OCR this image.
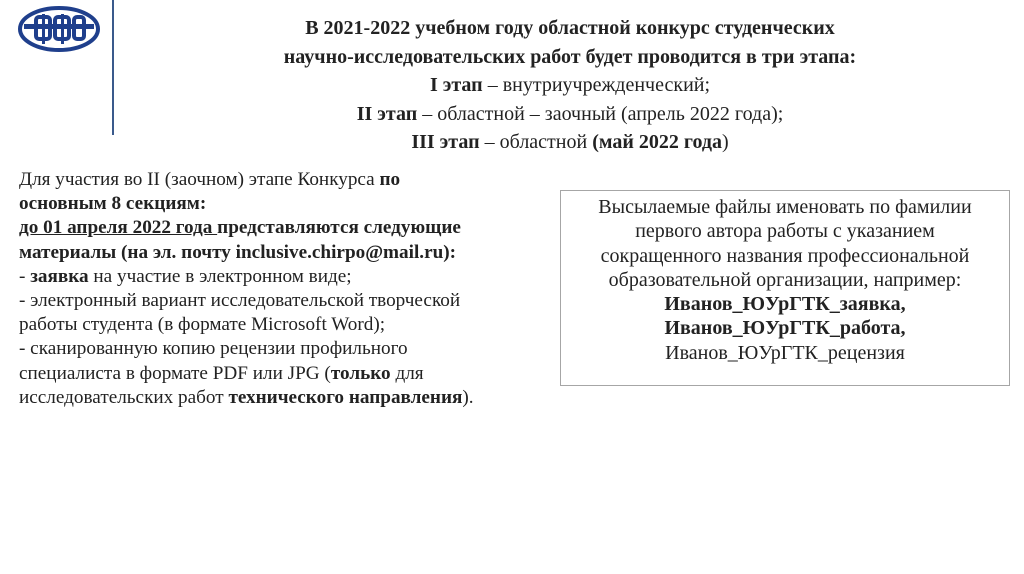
В 2021-2022 учебном году областной конкурс студенческих
научно-исследовательских работ будет проводится в три этапа:
I этап – внутриучрежденческий;
II этап – областной – заочный (апрель 2022 года);
III этап – областной (май 2022 года)
Для участия во II (заочном) этапе Конкурса по
основным 8 секциям:
до 01 апреля 2022 года представляются следующие
материалы (на эл. почту inclusive.chirpo@mail.ru):
- заявка на участие в электронном виде;
- электронный вариант исследовательской творческой
работы студента (в формате Microsoft Word);
- сканированную копию рецензии профильного
специалиста в формате PDF или JPG (только для
исследовательских работ технического направления).
Высылаемые файлы именовать по фамилии
первого автора работы с указанием
сокращенного названия профессиональной
образовательной организации, например:
Иванов_ЮУрГТК_заявка,
Иванов_ЮУрГТК_работа,
Иванов_ЮУрГТК_рецензия
